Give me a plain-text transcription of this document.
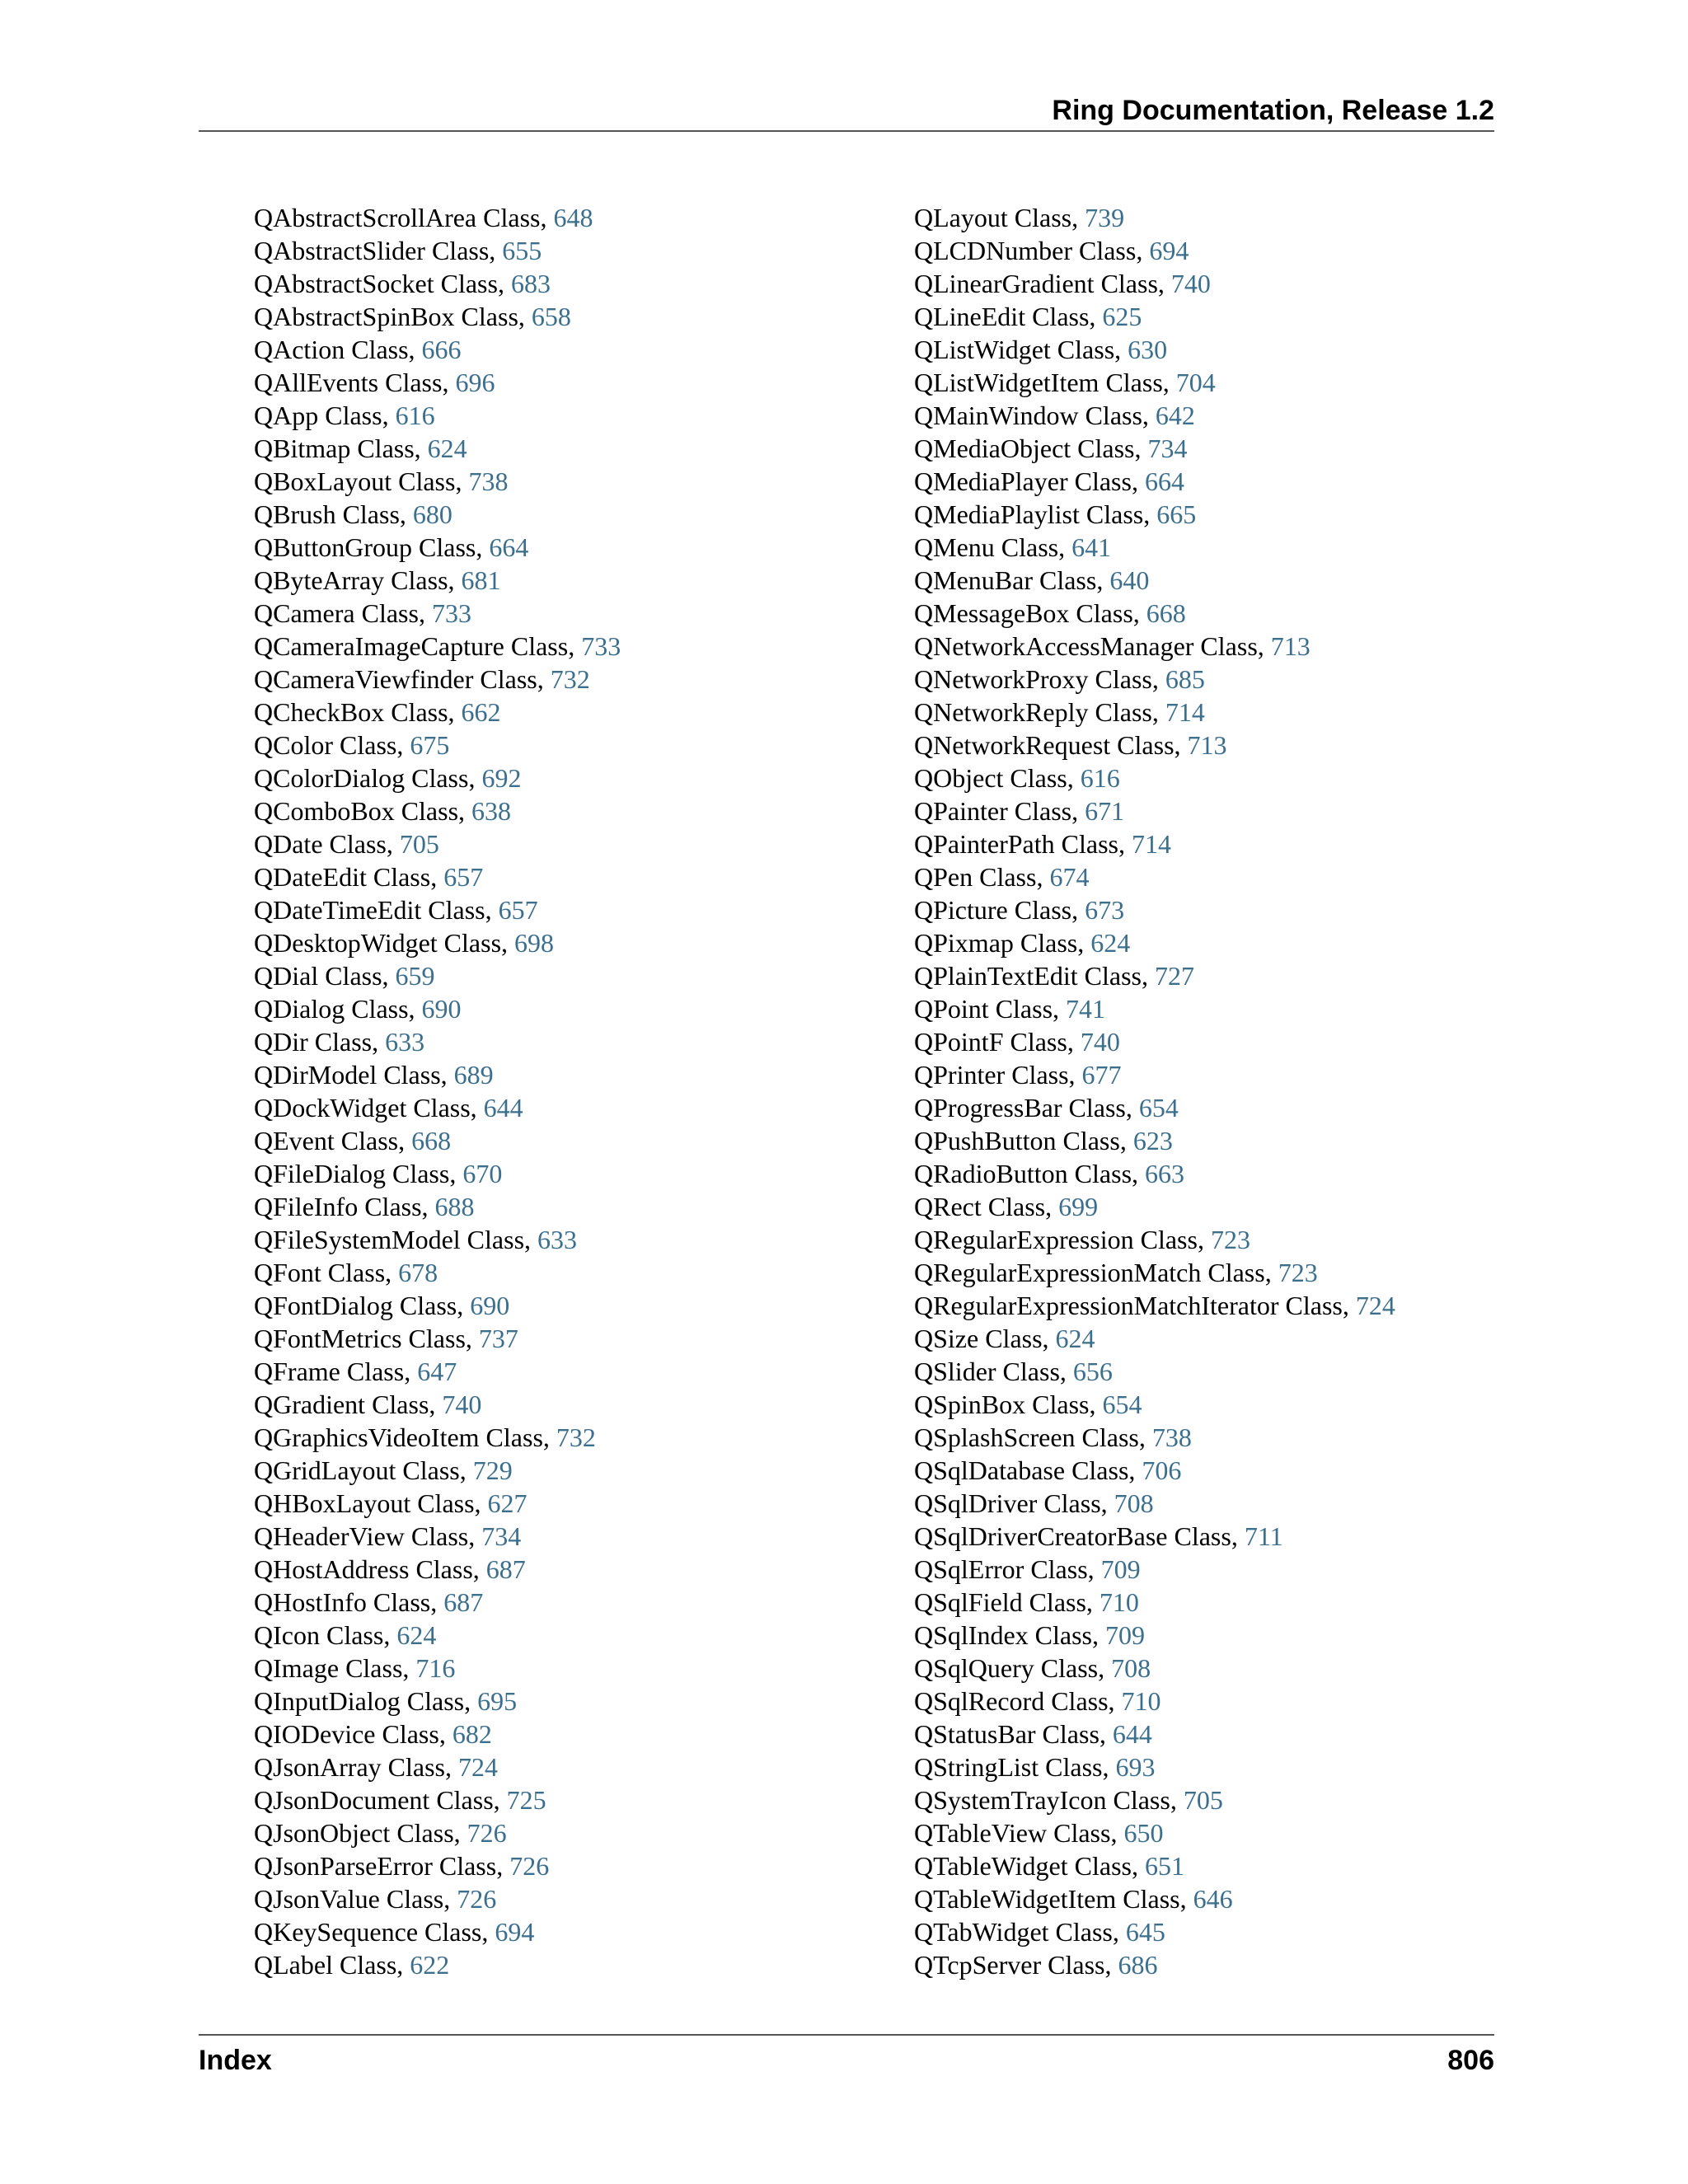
Ring Documentation, Release 1.2
QAbstractScrollArea Class, 648
QAbstractSlider Class, 655
QAbstractSocket Class, 683
QAbstractSpinBox Class, 658
QAction Class, 666
QAllEvents Class, 696
QApp Class, 616
QBitmap Class, 624
QBoxLayout Class, 738
QBrush Class, 680
QButtonGroup Class, 664
QByteArray Class, 681
QCamera Class, 733
QCameraImageCapture Class, 733
QCameraViewfinder Class, 732
QCheckBox Class, 662
QColor Class, 675
QColorDialog Class, 692
QComboBox Class, 638
QDate Class, 705
QDateEdit Class, 657
QDateTimeEdit Class, 657
QDesktopWidget Class, 698
QDial Class, 659
QDialog Class, 690
QDir Class, 633
QDirModel Class, 689
QDockWidget Class, 644
QEvent Class, 668
QFileDialog Class, 670
QFileInfo Class, 688
QFileSystemModel Class, 633
QFont Class, 678
QFontDialog Class, 690
QFontMetrics Class, 737
QFrame Class, 647
QGradient Class, 740
QGraphicsVideoItem Class, 732
QGridLayout Class, 729
QHBoxLayout Class, 627
QHeaderView Class, 734
QHostAddress Class, 687
QHostInfo Class, 687
QIcon Class, 624
QImage Class, 716
QInputDialog Class, 695
QIODevice Class, 682
QJsonArray Class, 724
QJsonDocument Class, 725
QJsonObject Class, 726
QJsonParseError Class, 726
QJsonValue Class, 726
QKeySequence Class, 694
QLabel Class, 622
QLayout Class, 739
QLCDNumber Class, 694
QLinearGradient Class, 740
QLineEdit Class, 625
QListWidget Class, 630
QListWidgetItem Class, 704
QMainWindow Class, 642
QMediaObject Class, 734
QMediaPlayer Class, 664
QMediaPlaylist Class, 665
QMenu Class, 641
QMenuBar Class, 640
QMessageBox Class, 668
QNetworkAccessManager Class, 713
QNetworkProxy Class, 685
QNetworkReply Class, 714
QNetworkRequest Class, 713
QObject Class, 616
QPainter Class, 671
QPainterPath Class, 714
QPen Class, 674
QPicture Class, 673
QPixmap Class, 624
QPlainTextEdit Class, 727
QPoint Class, 741
QPointF Class, 740
QPrinter Class, 677
QProgressBar Class, 654
QPushButton Class, 623
QRadioButton Class, 663
QRect Class, 699
QRegularExpression Class, 723
QRegularExpressionMatch Class, 723
QRegularExpressionMatchIterator Class, 724
QSize Class, 624
QSlider Class, 656
QSpinBox Class, 654
QSplashScreen Class, 738
QSqlDatabase Class, 706
QSqlDriver Class, 708
QSqlDriverCreatorBase Class, 711
QSqlError Class, 709
QSqlField Class, 710
QSqlIndex Class, 709
QSqlQuery Class, 708
QSqlRecord Class, 710
QStatusBar Class, 644
QStringList Class, 693
QSystemTrayIcon Class, 705
QTableView Class, 650
QTableWidget Class, 651
QTableWidgetItem Class, 646
QTabWidget Class, 645
QTcpServer Class, 686
Index	806
